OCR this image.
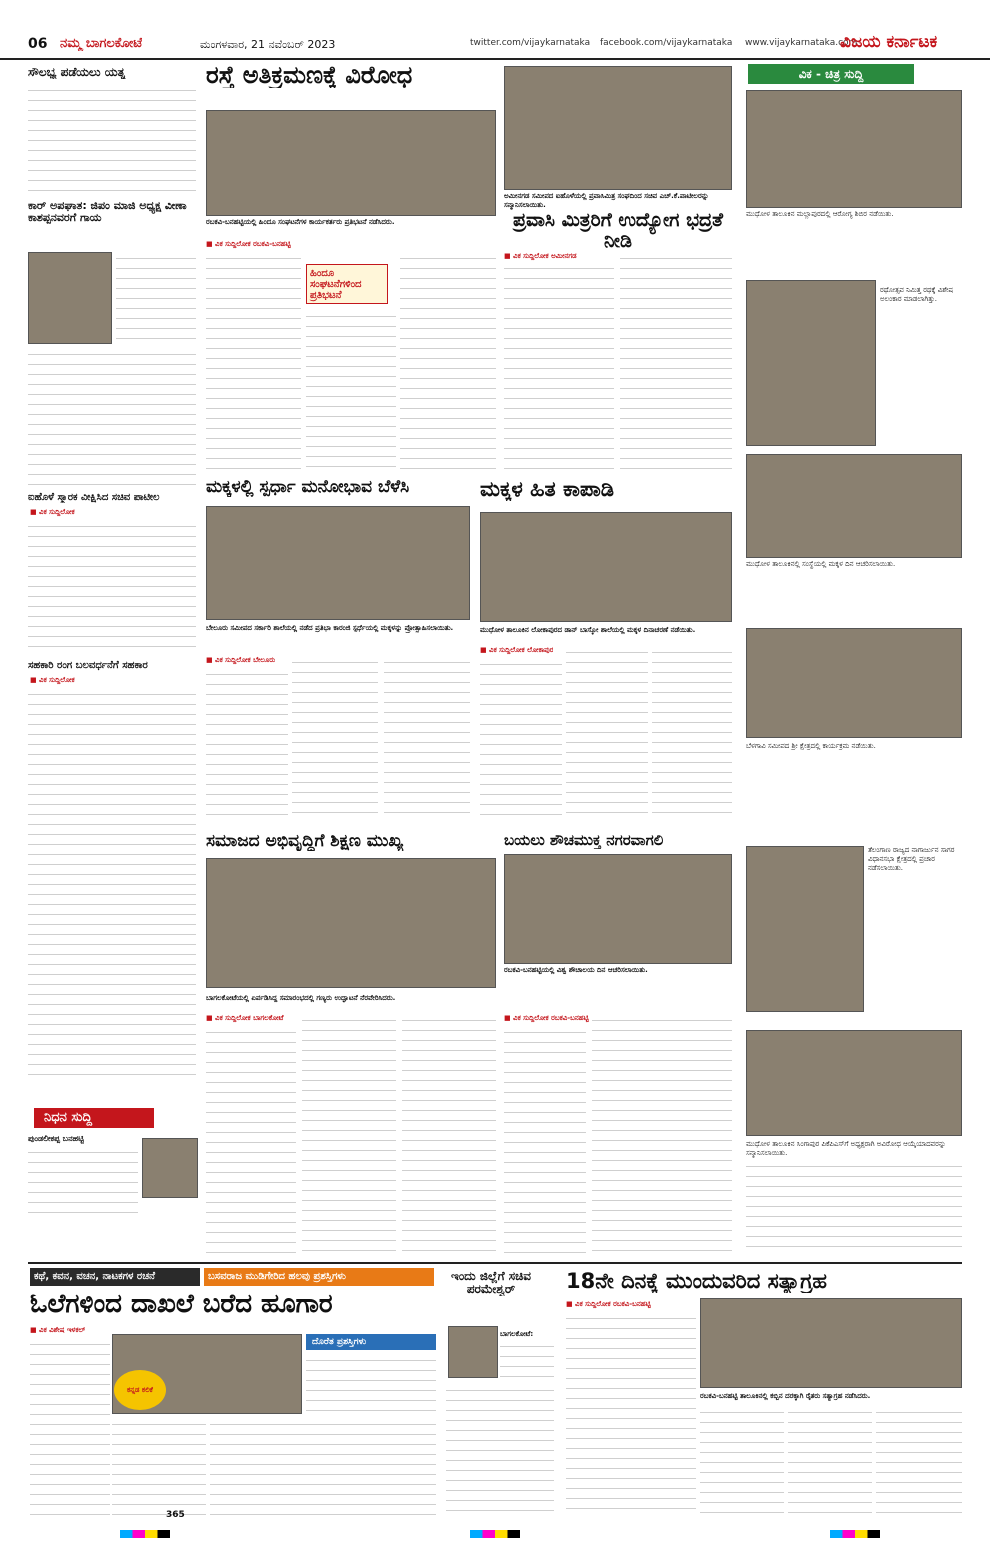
06 ನಮ್ಮ ಬಾಗಲಕೋಟೆ	ಮಂಗಳವಾರ, 21 ನವೆಂಬರ್ 2023	twitter.com/vijaykarnataka facebook.com/vijaykarnataka www.vijaykarnataka.com
ವಿಜಯ ಕರ್ನಾಟಕ
ಸೌಲಭ್ಯ ಪಡೆಯಲು ಯತ್ನ
ಕಾರ್ ಅಪಘಾತ: ಜಿಪಂ ಮಾಜಿ ಅಧ್ಯಕ್ಷ ವೀಣಾ ಕಾಶಪ್ಪನವರಗೆ ಗಾಯ
ಐಹೊಳೆ ಸ್ಮಾರಕ ವೀಕ್ಷಿಸಿದ ಸಚಿವ ಪಾಟೀಲ
■ ವಿಕ ಸುದ್ದಿಲೋಕ
ಸಹಕಾರಿ ರಂಗ ಬಲವರ್ಧನೆಗೆ ಸಹಕಾರ
■ ವಿಕ ಸುದ್ದಿಲೋಕ
ನಿಧನ ಸುದ್ದಿ
ಪುಂಡಲೀಕಪ್ಪ ಬನಹಟ್ಟಿ
ರಸ್ತೆ ಅತಿಕ್ರಮಣಕ್ಕೆ ವಿರೋಧ
ರಬಕವಿ-ಬನಹಟ್ಟಿಯಲ್ಲಿ ಹಿಂದೂ ಸಂಘಟನೆಗಳ ಕಾರ್ಯಕರ್ತರು ಪ್ರತಿಭಟನೆ ನಡೆಸಿದರು.
■ ವಿಕ ಸುದ್ದಿಲೋಕ ರಬಕವಿ-ಬನಹಟ್ಟಿ
ಹಿಂದೂ ಸಂಘಟನೆಗಳಿಂದ ಪ್ರತಿಭಟನೆ
ಅಮೀನಗಡ ಸಮೀಪದ ಐಹೊಳೆಯಲ್ಲಿ ಪ್ರವಾಸಿಮಿತ್ರ ಸಂಘದಿಂದ ಸಚಿವ ಎಚ್.ಕೆ.ಪಾಟೀಲರನ್ನು ಸನ್ಮಾನಿಸಲಾಯಿತು.
ಪ್ರವಾಸಿ ಮಿತ್ರರಿಗೆ ಉದ್ಯೋಗ ಭದ್ರತೆ ನೀಡಿ
■ ವಿಕ ಸುದ್ದಿಲೋಕ ಅಮೀನಗಡ
ವಿಕ - ಚಿತ್ರ ಸುದ್ದಿ
ಮುಧೋಳ ತಾಲೂಕಿನ ಮಲ್ಲಾಪುರದಲ್ಲಿ ಆರೋಗ್ಯ ಶಿಬಿರ ನಡೆಯಿತು.
ರಥೋತ್ಸವ ನಿಮಿತ್ತ ರಥಕ್ಕೆ ವಿಶೇಷ ಅಲಂಕಾರ ಮಾಡಲಾಗಿತ್ತು.
ಮುಧೋಳ ತಾಲೂಕಿನಲ್ಲಿ ಸಂಸ್ಥೆಯಲ್ಲಿ ಮಕ್ಕಳ ದಿನ ಆಚರಿಸಲಾಯಿತು.
ಬೆಳಗಾವಿ ಸಮೀಪದ ಶ್ರೀ ಕ್ಷೇತ್ರದಲ್ಲಿ ಕಾರ್ಯಕ್ರಮ ನಡೆಯಿತು.
ತೆಲಂಗಾಣ ರಾಜ್ಯದ ನಾಗಾರ್ಜುನ ಸಾಗರ ವಿಧಾನಸಭಾ ಕ್ಷೇತ್ರದಲ್ಲಿ ಪ್ರಚಾರ ನಡೆಸಲಾಯಿತು.
ಮುಧೋಳ ತಾಲೂಕಿನ ಸಿಂಗಾಪುರ ಪಿಕೆಪಿಎಸ್‌ಗೆ ಅಧ್ಯಕ್ಷರಾಗಿ ಅವಿರೋಧ ಆಯ್ಕೆಯಾದವರನ್ನು ಸನ್ಮಾನಿಸಲಾಯಿತು.
ಮಕ್ಕಳಲ್ಲಿ ಸ್ಪರ್ಧಾ ಮನೋಭಾವ ಬೆಳೆಸಿ
ಬೇಲೂರು ಸಮೀಪದ ಸರ್ಕಾರಿ ಶಾಲೆಯಲ್ಲಿ ನಡೆದ ಪ್ರತಿಭಾ ಕಾರಂಜಿ ಸ್ಪರ್ಧೆಯಲ್ಲಿ ಮಕ್ಕಳನ್ನು ಪ್ರೋತ್ಸಾಹಿಸಲಾಯಿತು.
■ ವಿಕ ಸುದ್ದಿಲೋಕ ಬೇಲೂರು
ಮಕ್ಕಳ ಹಿತ ಕಾಪಾಡಿ
ಮುಧೋಳ ತಾಲೂಕಿನ ಲೋಕಾಪುರದ ಡಾನ್ ಬಾಸ್ಕೋ ಶಾಲೆಯಲ್ಲಿ ಮಕ್ಕಳ ದಿನಾಚರಣೆ ನಡೆಯಿತು.
■ ವಿಕ ಸುದ್ದಿಲೋಕ ಲೋಕಾಪುರ
ಸಮಾಜದ ಅಭಿವೃದ್ಧಿಗೆ ಶಿಕ್ಷಣ ಮುಖ್ಯ
ಬಾಗಲಕೋಟೆಯಲ್ಲಿ ಏರ್ಪಡಿಸಿದ್ದ ಸಮಾರಂಭದಲ್ಲಿ ಗಣ್ಯರು ಉದ್ಘಾಟನೆ ನೆರವೇರಿಸಿದರು.
■ ವಿಕ ಸುದ್ದಿಲೋಕ ಬಾಗಲಕೋಟೆ
ಬಯಲು ಶೌಚಮುಕ್ತ ನಗರವಾಗಲಿ
ರಬಕವಿ-ಬನಹಟ್ಟಿಯಲ್ಲಿ ವಿಶ್ವ ಶೌಚಾಲಯ ದಿನ ಆಚರಿಸಲಾಯಿತು.
■ ವಿಕ ಸುದ್ದಿಲೋಕ ರಬಕವಿ-ಬನಹಟ್ಟಿ
ಕಥೆ, ಕವನ, ವಚನ, ನಾಟಕಗಳ ರಚನೆ	ಬಸವರಾಜ ಮುಡಿಗೇರಿದ ಹಲವು ಪ್ರಶಸ್ತಿಗಳು
ಓಲೆಗಳಿಂದ ದಾಖಲೆ ಬರೆದ ಹೂಗಾರ
■ ವಿಕ ವಿಶೇಷ ಇಳಕಲ್
ಕನ್ನಡ ಕಲಿಕೆ
ದೊರೆತ ಪ್ರಶಸ್ತಿಗಳು
365
ಇಂದು ಜಿಲ್ಲೆಗೆ ಸಚಿವ ಪರಮೇಶ್ವರ್
ಬಾಗಲಕೋಟೆ:
18ನೇ ದಿನಕ್ಕೆ ಮುಂದುವರಿದ ಸತ್ಯಾಗ್ರಹ
■ ವಿಕ ಸುದ್ದಿಲೋಕ ರಬಕವಿ-ಬನಹಟ್ಟಿ
ರಬಕವಿ-ಬನಹಟ್ಟಿ ತಾಲೂಕಿನಲ್ಲಿ ಕಬ್ಬಿನ ದರಕ್ಕಾಗಿ ರೈತರು ಸತ್ಯಾಗ್ರಹ ನಡೆಸಿದರು.
